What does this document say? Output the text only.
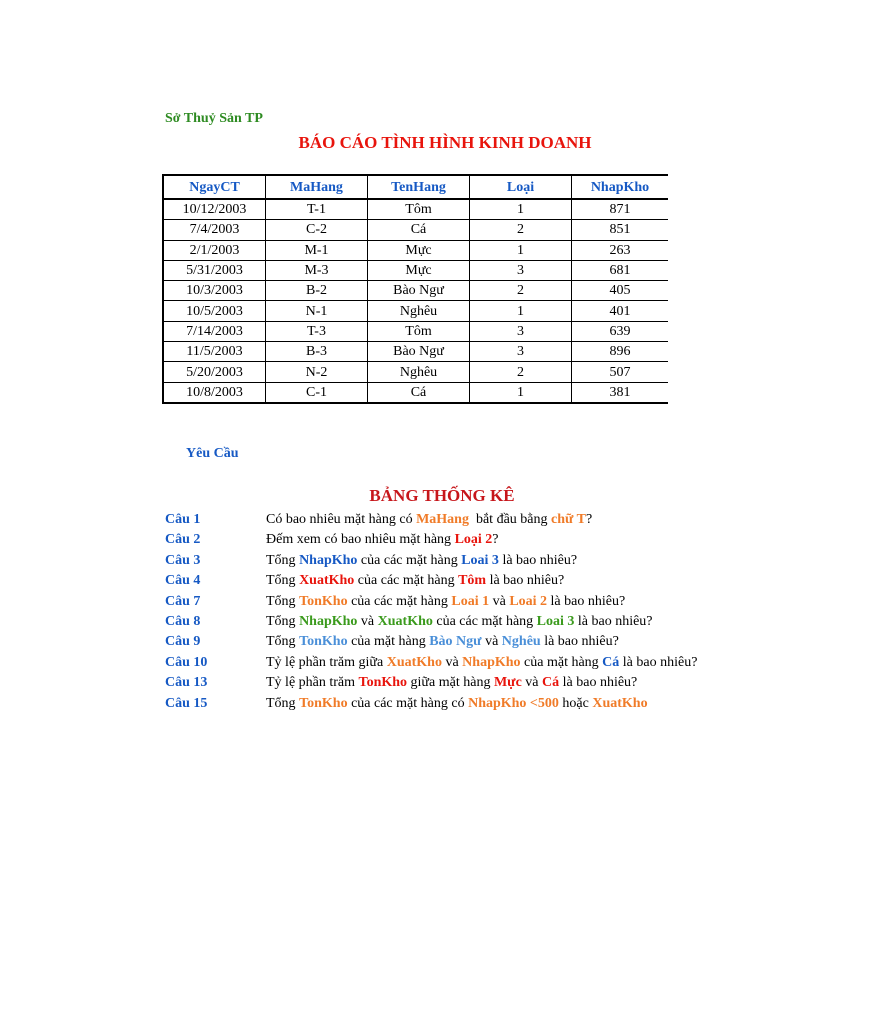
Sở Thuỷ Sản TP
BÁO CÁO TÌNH HÌNH KINH DOANH
NgayCT	MaHang	TenHang	Loại	NhapKho
10/12/2003	T-1	Tôm	1	871
7/4/2003	C-2	Cá	2	851
2/1/2003	M-1	Mực	1	263
5/31/2003	M-3	Mực	3	681
10/3/2003	B-2	Bào Ngư	2	405
10/5/2003	N-1	Nghêu	1	401
7/14/2003	T-3	Tôm	3	639
11/5/2003	B-3	Bào Ngư	3	896
5/20/2003	N-2	Nghêu	2	507
10/8/2003	C-1	Cá	1	381
Yêu Cầu
BẢNG THỐNG KÊ
Câu 1	Có bao nhiêu mặt hàng có MaHang  bắt đầu bằng chữ T?
Câu 2	Đếm xem có bao nhiêu mặt hàng Loại 2?
Câu 3	Tổng NhapKho của các mặt hàng Loai 3 là bao nhiêu?
Câu 4	Tổng XuatKho của các mặt hàng Tôm là bao nhiêu?
Câu 7	Tổng TonKho của các mặt hàng Loai 1 và Loai 2 là bao nhiêu?
Câu 8	Tổng NhapKho và XuatKho của các mặt hàng Loai 3 là bao nhiêu?
Câu 9	Tổng TonKho của mặt hàng Bào Ngư và Nghêu là bao nhiêu?
Câu 10	Tỷ lệ phần trăm giữa XuatKho và NhapKho của mặt hàng Cá là bao nhiêu?
Câu 13	Tỷ lệ phần trăm TonKho giữa mặt hàng Mực và Cá là bao nhiêu?
Câu 15	Tổng TonKho của các mặt hàng có NhapKho <500 hoặc XuatKho
